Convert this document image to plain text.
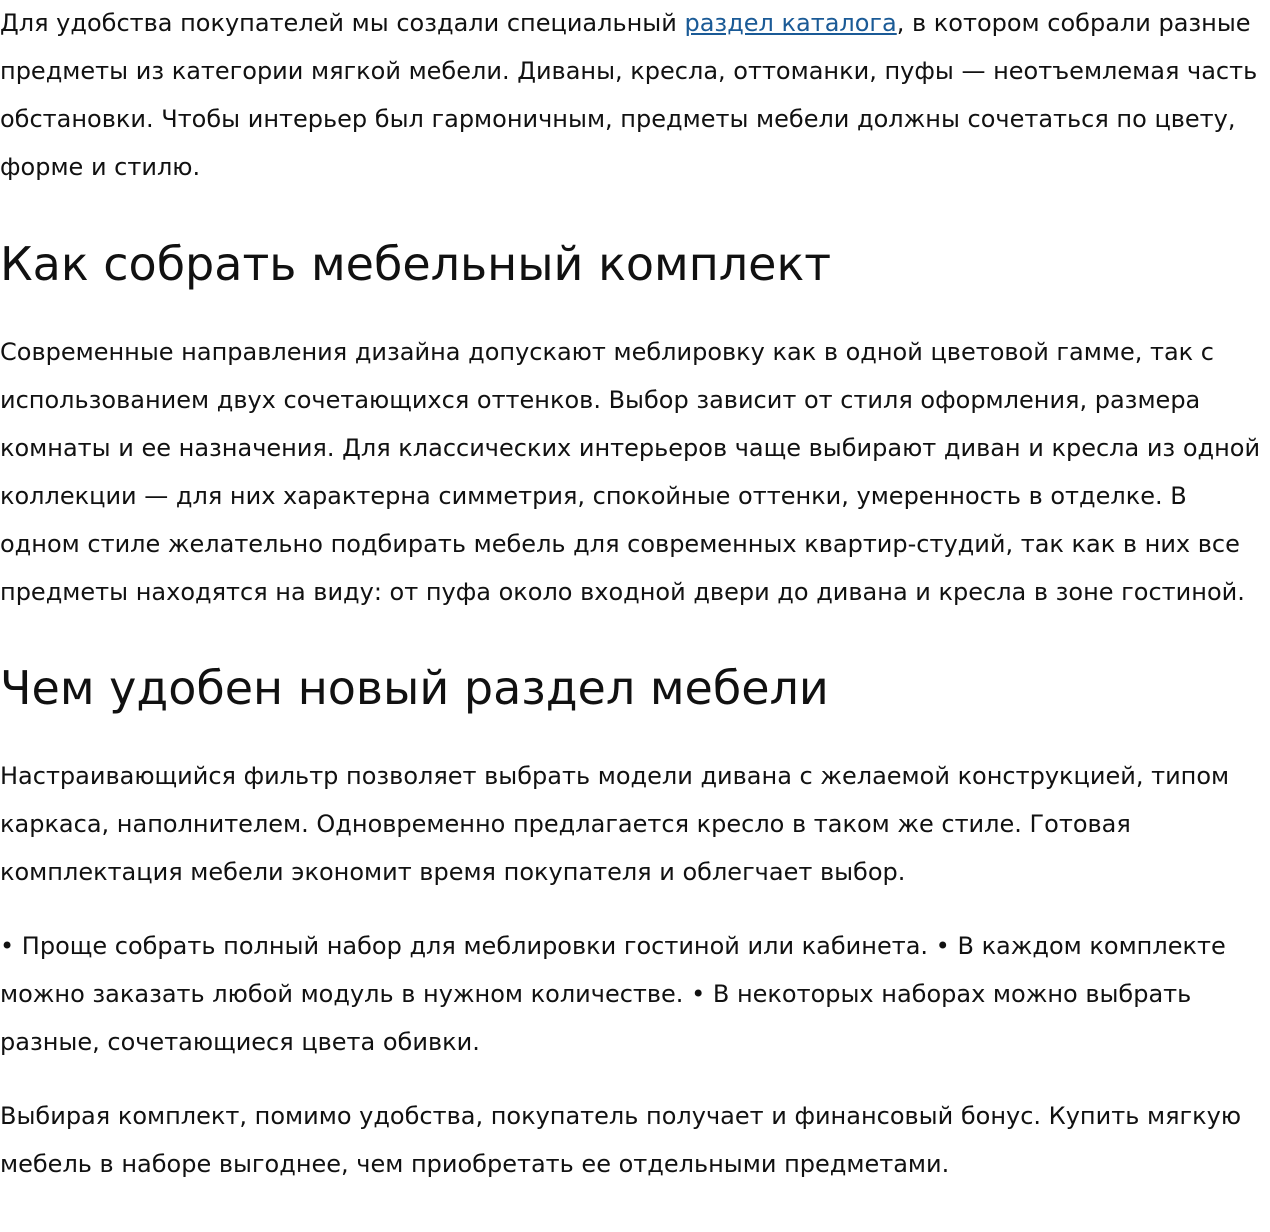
Для удобства покупателей мы создали специальный раздел каталога, в котором собрали разные предметы из категории мягкой мебели. Диваны, кресла, оттоманки, пуфы — неотъемлемая часть обстановки. Чтобы интерьер был гармоничным, предметы мебели должны сочетаться по цвету, форме и стилю.

Как собрать мебельный комплект

Современные направления дизайна допускают меблировку как в одной цветовой гамме, так с использованием двух сочетающихся оттенков. Выбор зависит от стиля оформления, размера комнаты и ее назначения. Для классических интерьеров чаще выбирают диван и кресла из одной коллекции — для них характерна симметрия, спокойные оттенки, умеренность в отделке. В одном стиле желательно подбирать мебель для современных квартир-студий, так как в них все предметы находятся на виду: от пуфа около входной двери до дивана и кресла в зоне гостиной.

Чем удобен новый раздел мебели

Настраивающийся фильтр позволяет выбрать модели дивана с желаемой конструкцией, типом каркаса, наполнителем. Одновременно предлагается кресло в таком же стиле. Готовая комплектация мебели экономит время покупателя и облегчает выбор.

• Проще собрать полный набор для меблировки гостиной или кабинета. • В каждом комплекте можно заказать любой модуль в нужном количестве. • В некоторых наборах можно выбрать разные, сочетающиеся цвета обивки.

Выбирая комплект, помимо удобства, покупатель получает и финансовый бонус. Купить мягкую мебель в наборе выгоднее, чем приобретать ее отдельными предметами.
